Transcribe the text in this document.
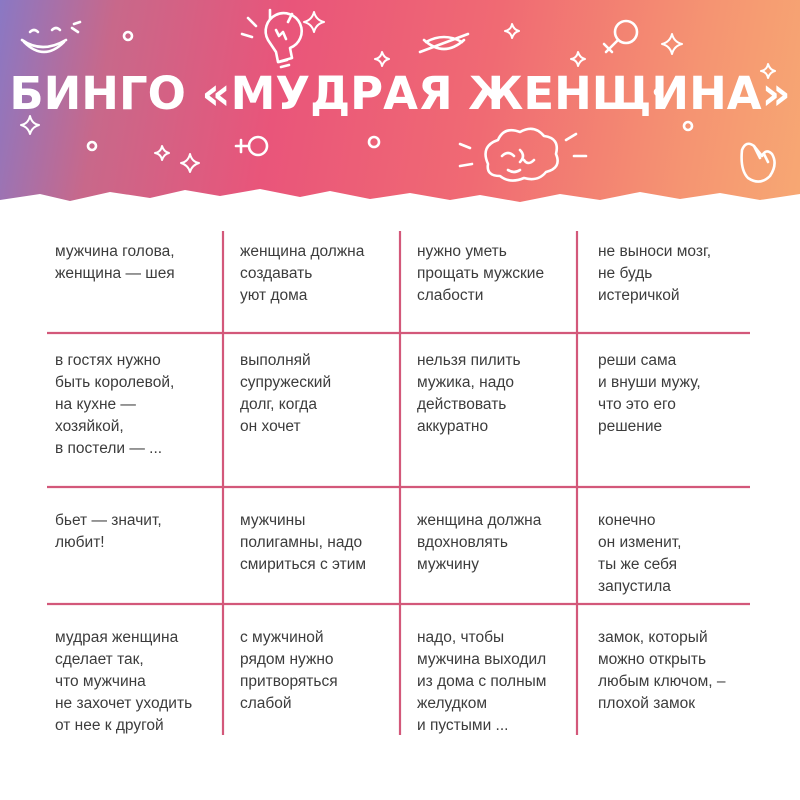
БИНГО «МУДРАЯ ЖЕНЩИНА»
мужчина голова,
женщина — шея
женщина должна
создавать
уют дома
нужно уметь
прощать мужские
слабости
не выноси мозг,
не будь
истеричкой
в гостях нужно
быть королевой,
на кухне —
хозяйкой,
в постели — ...
выполняй
супружеский
долг, когда
он хочет
нельзя пилить
мужика, надо
действовать
аккуратно
реши сама
и внуши мужу,
что это его
решение
бьет — значит,
любит!
мужчины
полигамны, надо
смириться с этим
женщина должна
вдохновлять
мужчину
конечно
он изменит,
ты же себя
запустила
мудрая женщина
сделает так,
что мужчина
не захочет уходить
от нее к другой
с мужчиной
рядом нужно
притворяться
слабой
надо, чтобы
мужчина выходил
из дома с полным
желудком
и пустыми ...
замок, который
можно открыть
любым ключом, –
плохой замок
